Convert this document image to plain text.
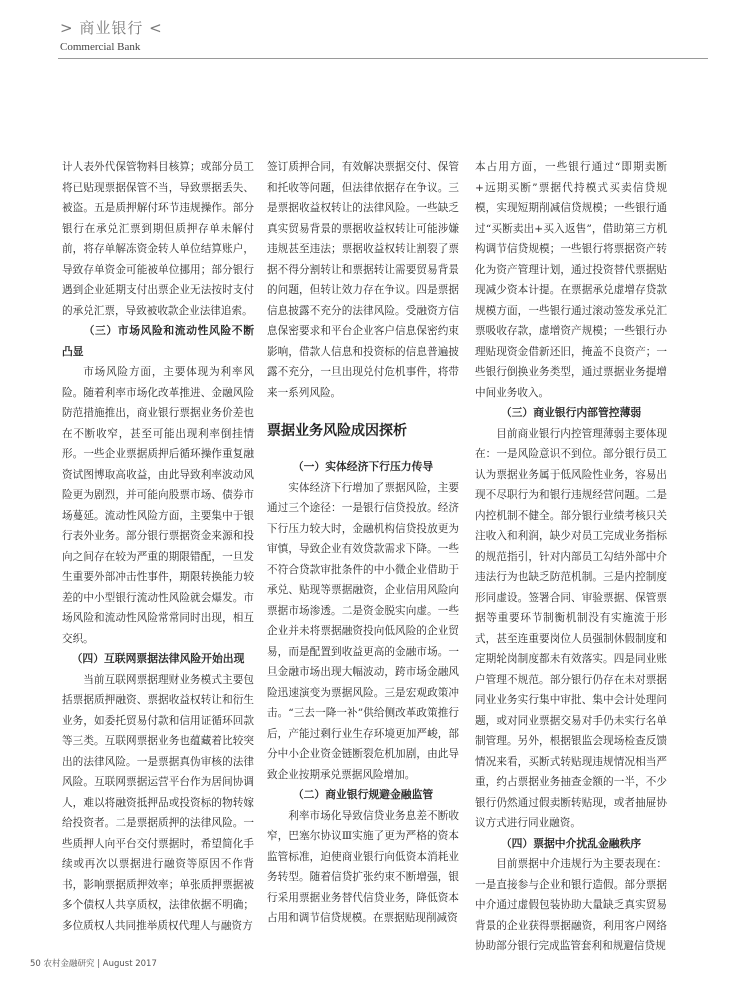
> 商业银行 <
Commercial Bank

计人表外代保管物料目核算；或部分员工将已贴现票据保管不当，导致票据丢失、被盗。五是质押解付环节违规操作。部分银行在承兑汇票到期但质押存单未解付前，将存单解冻资金转人单位结算账户，导致存单资金可能被单位挪用；部分银行遇到企业延期支付出票企业无法按时支付的承兑汇票，导致被收款企业法律追索。

（三）市场风险和流动性风险不断凸显

市场风险方面，主要体现为利率风险。随着利率市场化改革推进、金融风险防范措施推出，商业银行票据业务价差也在不断收窄，甚至可能出现利率倒挂情形。一些企业票据质押后循环操作重复融资试图博取高收益，由此导致利率波动风险更为剧烈，并可能向股票市场、债券市场蔓延。流动性风险方面，主要集中于银行表外业务。部分银行票据资金来源和投向之间存在较为严重的期限错配，一旦发生重要外部冲击性事件，期限转换能力较差的中小型银行流动性风险就会爆发。市场风险和流动性风险常常同时出现，相互交织。

（四）互联网票据法律风险开始出现

当前互联网票据理财业务模式主要包括票据质押融资、票据收益权转让和衍生业务，如委托贸易付款和信用证循环回款等三类。互联网票据业务也蕴藏着比较突出的法律风险。一是票据真伪审核的法律风险。互联网票据运营平台作为居间协调人，难以将融资抵押品或投资标的物转嫁给投资者。二是票据质押的法律风险。一些质押人向平台交付票据时，希望简化手续或再次以票据进行融资等原因不作背书，影响票据质押效率；单张质押票据被多个债权人共享质权，法律依据不明确；多位质权人共同推举质权代理人与融资方

签订质押合同，有效解决票据交付、保管和托收等问题，但法律依据存在争议。三是票据收益权转让的法律风险。一些缺乏真实贸易背景的票据收益权转让可能涉嫌违规甚至违法；票据收益权转让割裂了票据不得分割转让和票据转让需要贸易背景的问题，但转让效力存在争议。四是票据信息披露不充分的法律风险。受融资方信息保密要求和平台企业客户信息保密约束影响，借款人信息和投资标的信息普遍披露不充分，一旦出现兑付危机事件，将带来一系列风险。

票据业务风险成因探析
（一）实体经济下行压力传导

实体经济下行增加了票据风险，主要通过三个途径：一是银行信贷投放。经济下行压力较大时，金融机构信贷投放更为审慎，导致企业有效贷款需求下降。一些不符合贷款审批条件的中小微企业借助于承兑、贴现等票据融资，企业信用风险向票据市场渗透。二是资金脱实向虚。一些企业并未将票据融资投向低风险的企业贸易，而是配置到收益更高的金融市场。一旦金融市场出现大幅波动，跨市场金融风险迅速演变为票据风险。三是宏观政策冲击。“三去一降一补”供给侧改革政策推行后，产能过剩行业生存环境更加严峻，部分中小企业资金链断裂危机加剧，由此导致企业按期承兑票据风险增加。

（二）商业银行规避金融监管

利率市场化导致信贷业务息差不断收窄，巴塞尔协议Ⅲ实施了更为严格的资本监管标准，迫使商业银行向低资本消耗业务转型。随着信贷扩张约束不断增强，银行采用票据业务替代信贷业务，降低资本占用和调节信贷规模。在票据贴现削减资

本占用方面，一些银行通过“即期卖断+远期买断”票据代持模式买卖信贷规模，实现短期削减信贷规模；一些银行通过“买断卖出+买入返售”，借助第三方机构调节信贷规模；一些银行将票据资产转化为资产管理计划，通过投资替代票据贴现减少资本计提。在票据承兑虚增存贷款规模方面，一些银行通过滚动签发承兑汇票吸收存款，虚增资产规模；一些银行办理贴现资金借新还旧，掩盖不良资产；一些银行倒换业务类型，通过票据业务提增中间业务收入。

（三）商业银行内部管控薄弱

目前商业银行内控管理薄弱主要体现在：一是风险意识不到位。部分银行员工认为票据业务属于低风险性业务，容易出现不尽职行为和银行违规经营问题。二是内控机制不健全。部分银行业绩考核只关注收入和利润，缺少对员工完成业务指标的规范指引，针对内部员工勾结外部中介违法行为也缺乏防范机制。三是内控制度形同虚设。签署合同、审验票据、保管票据等重要环节制衡机制没有实施流于形式，甚至连重要岗位人员强制休假制度和定期轮岗制度都未有效落实。四是同业账户管理不规范。部分银行仍存在未对票据同业业务实行集中审批、集中会计处理问题，或对同业票据交易对手仍未实行名单制管理。另外，根据银监会现场检查反馈情况来看，买断式转贴现违规情况相当严重，约占票据业务抽查金额的一半，不少银行仍然通过假卖断转贴现，或者抽屉协议方式进行同业融资。

（四）票据中介扰乱金融秩序

目前票据中介违规行为主要表现在：一是直接参与企业和银行造假。部分票据中介通过虚假包装协助大量缺乏真实贸易背景的企业获得票据融资，利用客户网络协助部分银行完成监管套利和规避信贷规

50 农村金融研究 | August 2017
